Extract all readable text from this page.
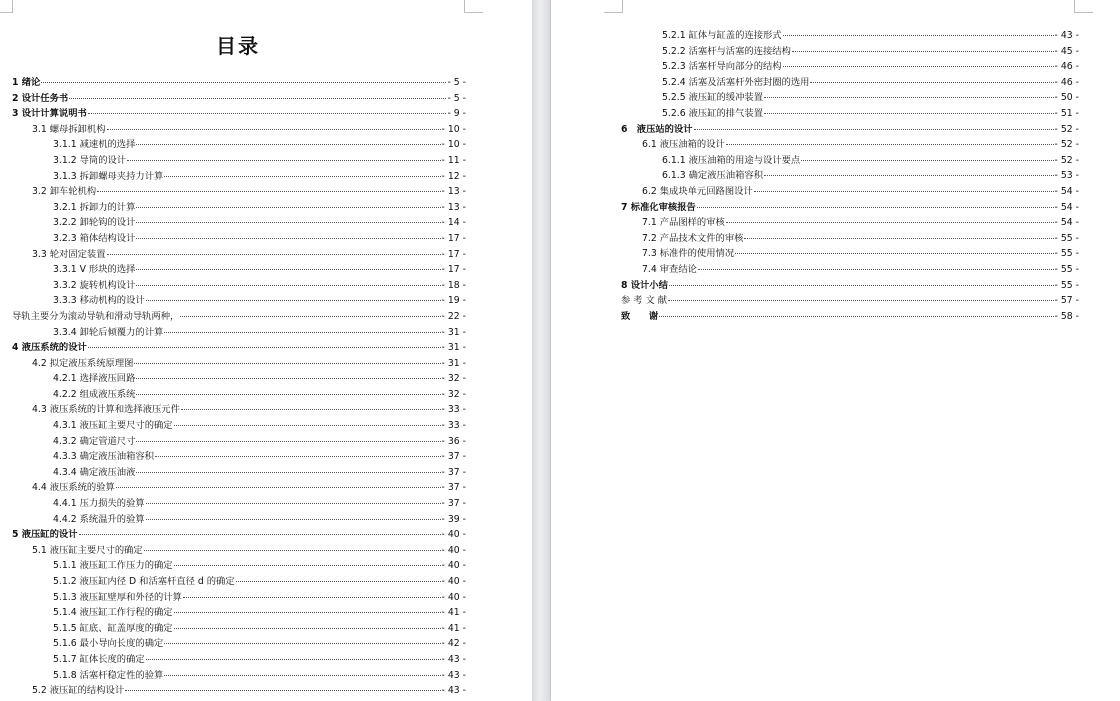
目录
1 绪论	- 5 -
2 设计任务书	- 5 -
3 设计计算说明书	- 9 -
3.1 螺母拆卸机构	- 10 -
3.1.1 减速机的选择	- 10 -
3.1.2 导筒的设计	- 11 -
3.1.3 拆卸螺母夹持力计算	- 12 -
3.2 卸车轮机构	- 13 -
3.2.1 拆卸力的计算	- 13 -
3.2.2 卸轮钩的设计	- 14 -
3.2.3 箱体结构设计	- 17 -
3.3 轮对固定装置	- 17 -
3.3.1 V 形块的选择	- 17 -
3.3.2 旋转机构设计	- 18 -
3.3.3 移动机构的设计	- 19 -
导轨主要分为滚动导轨和滑动导轨两种，	- 22 -
3.3.4 卸轮后倾覆力的计算	- 31 -
4 液压系统的设计	- 31 -
4.2 拟定液压系统原理图	- 31 -
4.2.1 选择液压回路	- 32 -
4.2.2 组成液压系统	- 32 -
4.3 液压系统的计算和选择液压元件	- 33 -
4.3.1 液压缸主要尺寸的确定	- 33 -
4.3.2 确定管道尺寸	- 36 -
4.3.3 确定液压油箱容积	- 37 -
4.3.4 确定液压油液	- 37 -
4.4 液压系统的验算	- 37 -
4.4.1 压力损失的验算	- 37 -
4.4.2 系统温升的验算	- 39 -
5 液压缸的设计	- 40 -
5.1 液压缸主要尺寸的确定	- 40 -
5.1.1 液压缸工作压力的确定	- 40 -
5.1.2 液压缸内径 D 和活塞杆直径 d 的确定	- 40 -
5.1.3 液压缸壁厚和外径的计算	- 40 -
5.1.4 液压缸工作行程的确定	- 41 -
5.1.5 缸底、缸盖厚度的确定	- 41 -
5.1.6 最小导向长度的确定	- 42 -
5.1.7 缸体长度的确定	- 43 -
5.1.8 活塞杆稳定性的验算	- 43 -
5.2 液压缸的结构设计	- 43 -
5.2.1 缸体与缸盖的连接形式	- 43 -
5.2.2 活塞杆与活塞的连接结构	- 45 -
5.2.3 活塞杆导向部分的结构	- 46 -
5.2.4 活塞及活塞杆外密封圈的选用	- 46 -
5.2.5 液压缸的缓冲装置	- 50 -
5.2.6 液压缸的排气装置	- 51 -
6　液压站的设计	- 52 -
6.1 液压油箱的设计	- 52 -
6.1.1 液压油箱的用途与设计要点	- 52 -
6.1.3 确定液压油箱容积	- 53 -
6.2 集成块单元回路图设计	- 54 -
7 标准化审核报告	- 54 -
7.1 产品图样的审核	- 54 -
7.2 产品技术文件的审核	- 55 -
7.3 标准件的使用情况	- 55 -
7.4 审查结论	- 55 -
8 设计小结	- 55 -
参 考 文 献	- 57 -
致　　谢	- 58 -
